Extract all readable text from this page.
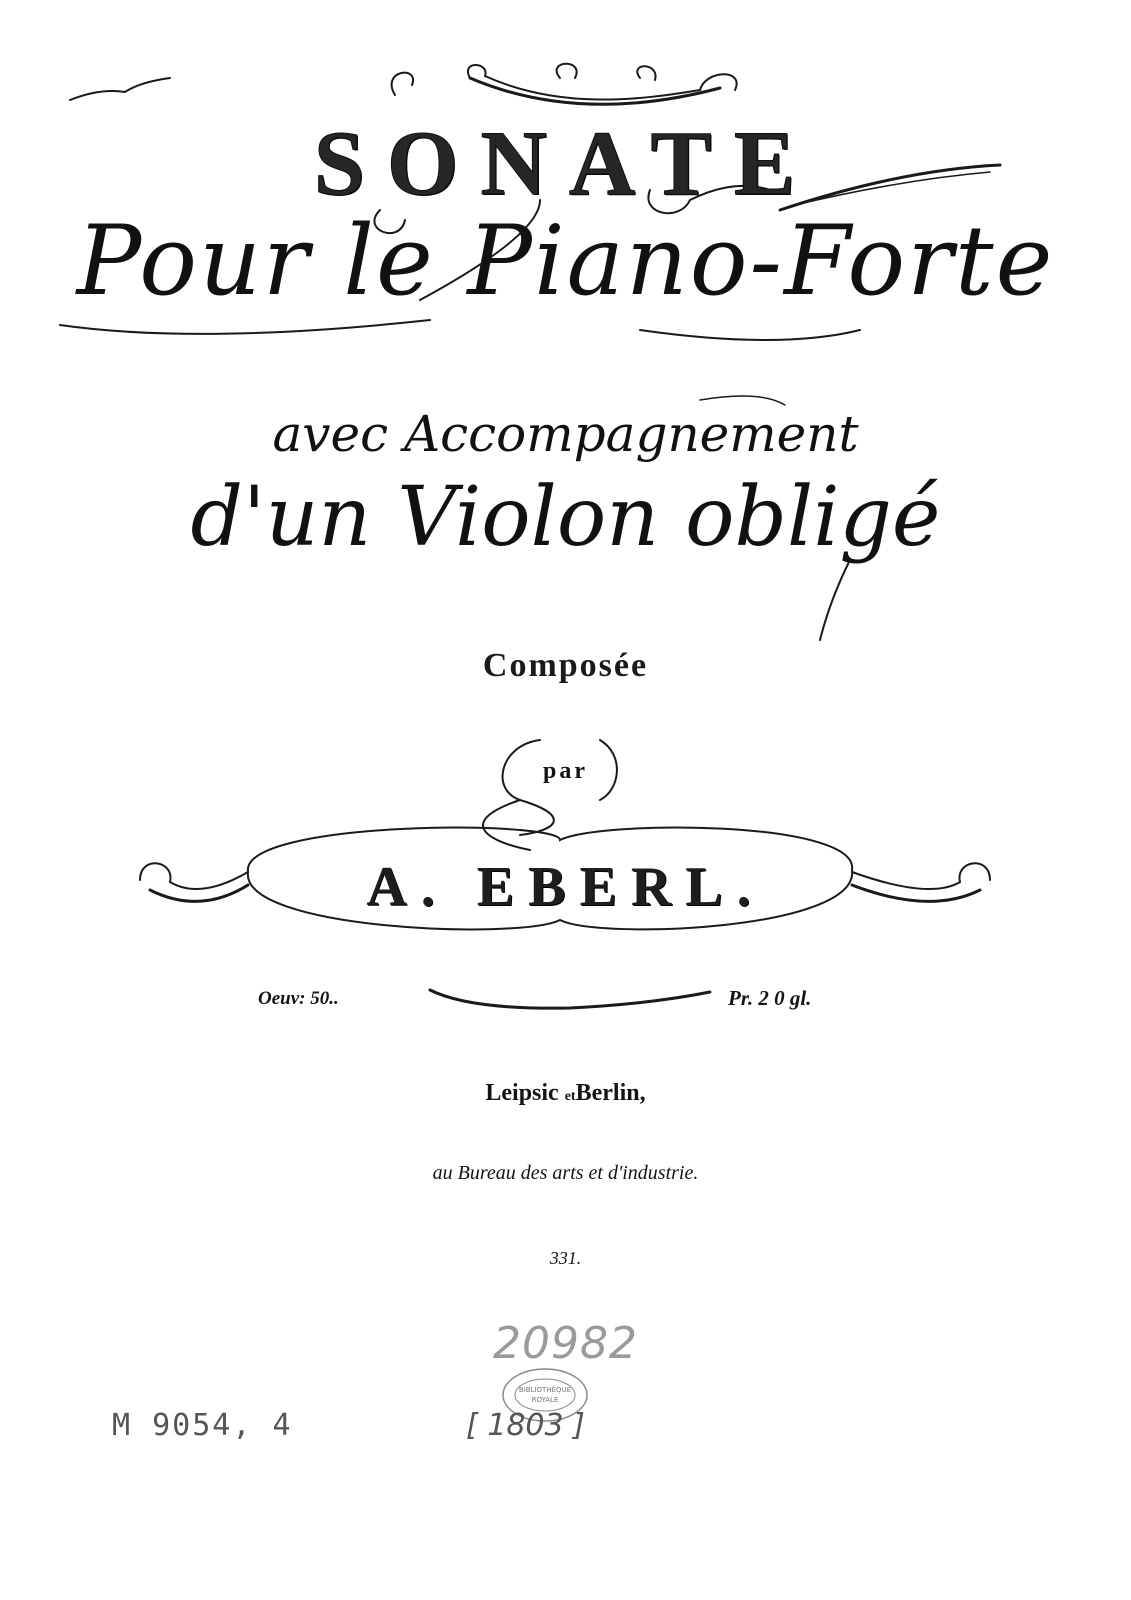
SONATE
Pour le Piano-Forte
avec Accompagnement
d'un Violon obligé
Composée
par
A. EBERL.
Oeuv: 50..	Pr. 2 0 gl.
Leipsic etBerlin,
au Bureau des arts et d'industrie.
331.
20982
BIBLIOTHÈQUE
ROYALE
M 9054, 4	[ 1803 ]
